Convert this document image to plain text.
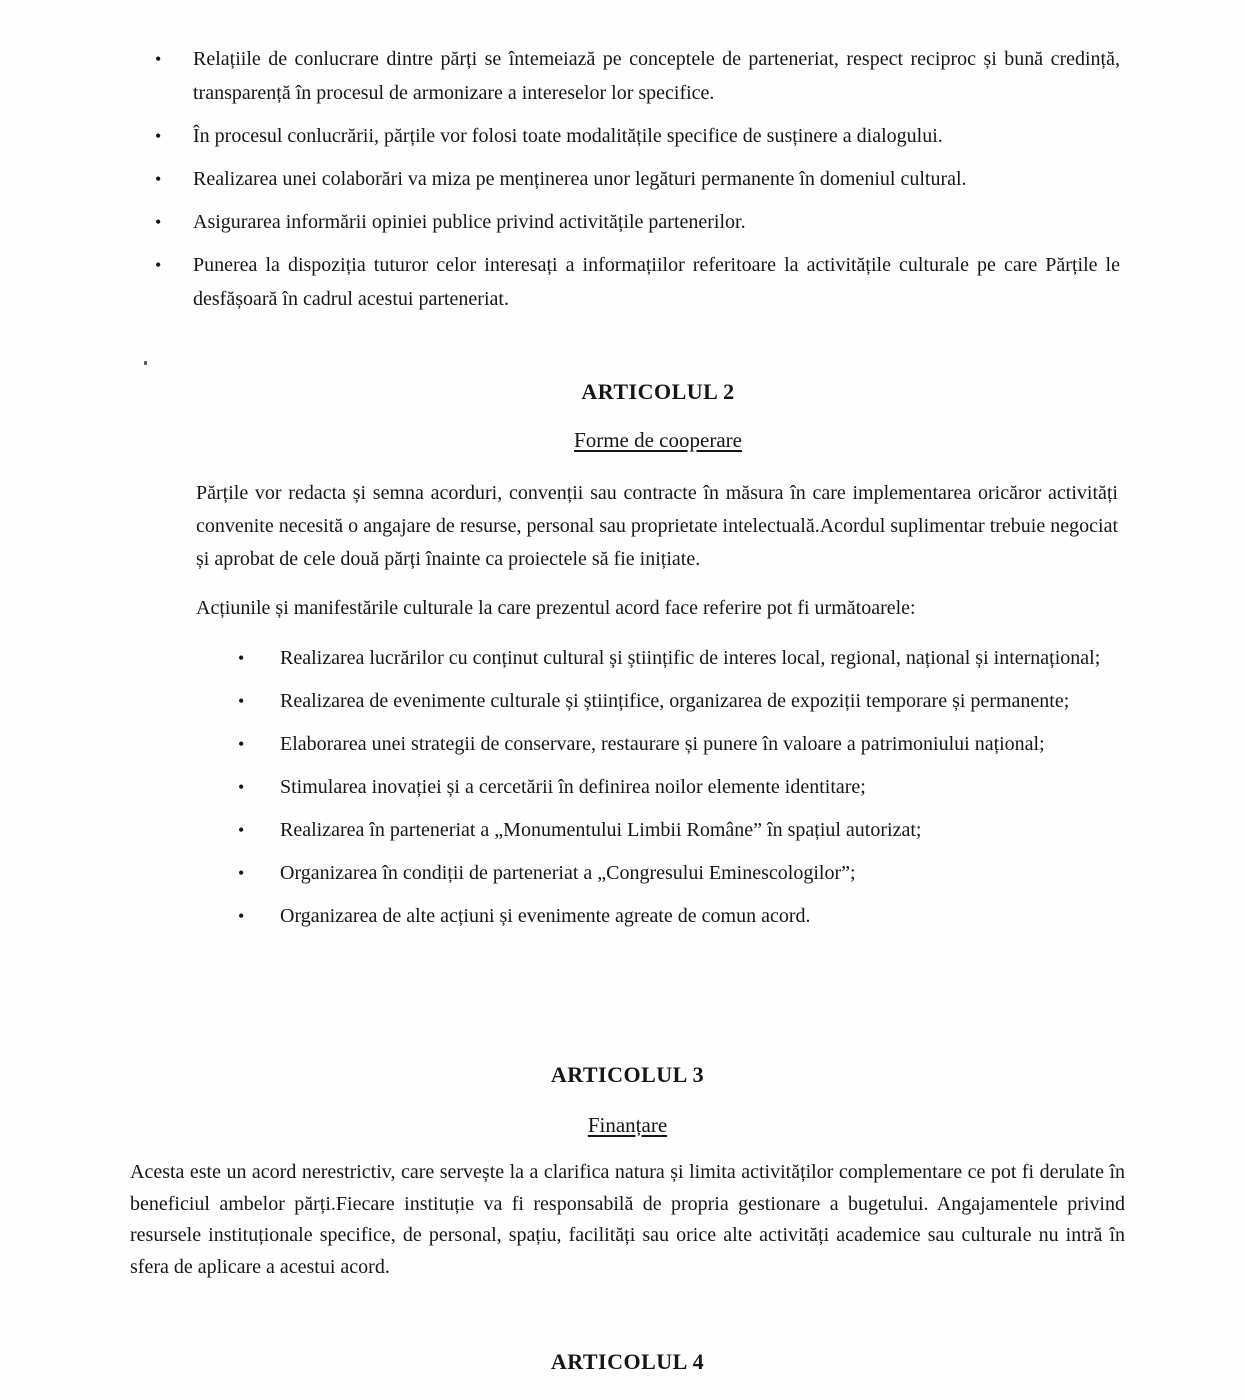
• Relațiile de conlucrare dintre părți se întemeiază pe conceptele de parteneriat, respect reciproc și bună credință, transparență în procesul de armonizare a intereselor lor specifice.
• În procesul conlucrării, părțile vor folosi toate modalitățile specifice de susținere a dialogului.
• Realizarea unei colaborări va miza pe menținerea unor legături permanente în domeniul cultural.
• Asigurarea informării opiniei publice privind activitățile partenerilor.
• Punerea la dispoziția tuturor celor interesați a informațiilor referitoare la activitățile culturale pe care Părțile le desfășoară în cadrul acestui parteneriat.
ARTICOLUL 2
Forme de cooperare

Părțile vor redacta și semna acorduri, convenții sau contracte în măsura în care implementarea oricăror activități convenite necesită o angajare de resurse, personal sau proprietate intelectuală.Acordul suplimentar trebuie negociat și aprobat de cele două părți înainte ca proiectele să fie inițiate.

Acțiunile și manifestările culturale la care prezentul acord face referire pot fi următoarele:

• Realizarea lucrărilor cu conținut cultural și științific de interes local, regional, național și internațional;
• Realizarea de evenimente culturale și științifice, organizarea de expoziții temporare și permanente;
• Elaborarea unei strategii de conservare, restaurare și punere în valoare a patrimoniului național;
• Stimularea inovației și a cercetării în definirea noilor elemente identitare;
• Realizarea în parteneriat a „Monumentului Limbii Române” în spațiul autorizat;
• Organizarea în condiții de parteneriat a „Congresului Eminescologilor”;
• Organizarea de alte acțiuni și evenimente agreate de comun acord.
ARTICOLUL 3
Finanțare

Acesta este un acord nerestrictiv, care servește la a clarifica natura și limita activităților complementare ce pot fi derulate în beneficiul ambelor părți.Fiecare instituție va fi responsabilă de propria gestionare a bugetului. Angajamentele privind resursele instituționale specifice, de personal, spațiu, facilități sau orice alte activități academice sau culturale nu intră în sfera de aplicare a acestui acord.

ARTICOLUL 4
